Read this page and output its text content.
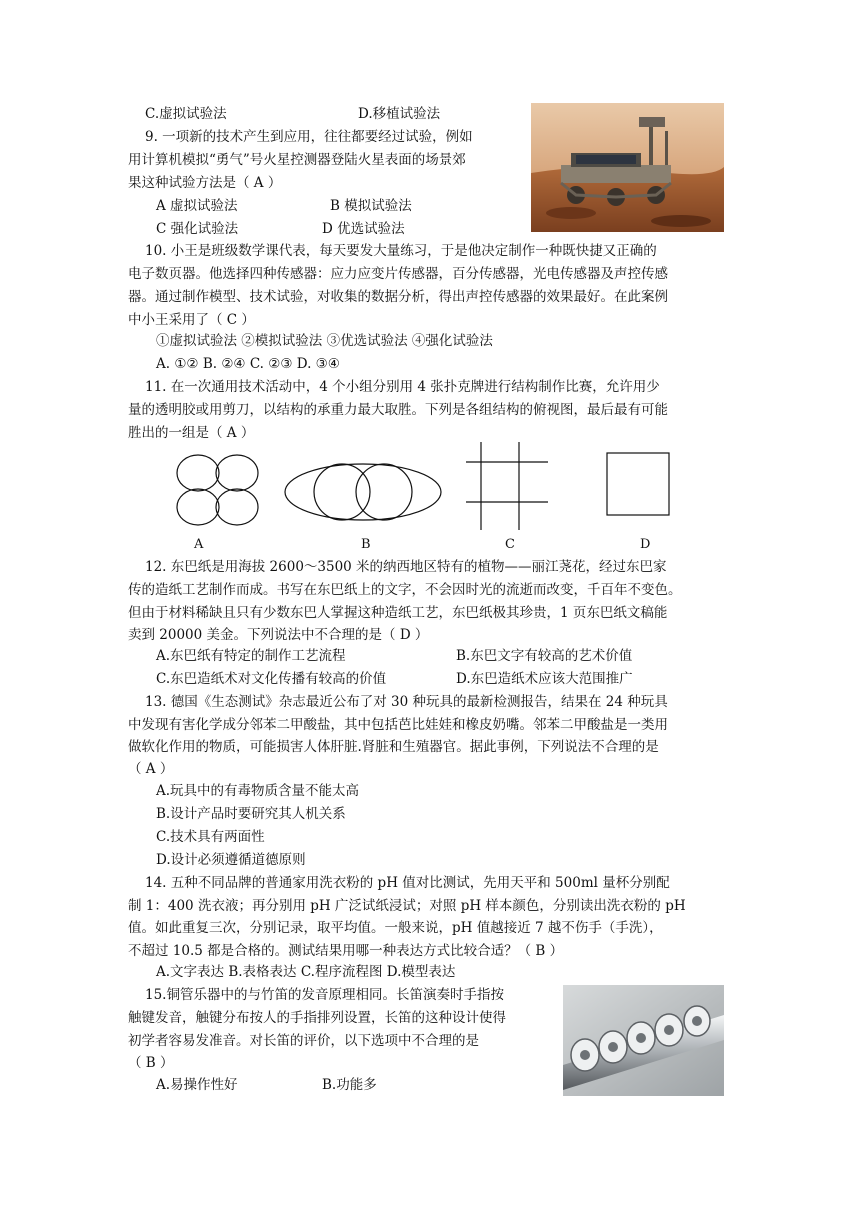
C.虚拟试验法	D.移植试验法
9. 一项新的技术产生到应用，往往都要经过试验，例如
用计算机模拟“勇气”号火星控测器登陆火星表面的场景郊
果这种试验方法是（ A ）
A 虚拟试验法	B 模拟试验法
C 强化试验法	D 优选试验法
10. 小王是班级数学课代表，每天要发大量练习，于是他决定制作一种既快捷又正确的
电子数页器。他选择四种传感器：应力应变片传感器，百分传感器，光电传感器及声控传感
器。通过制作模型、技术试验，对收集的数据分析，得出声控传感器的效果最好。在此案例
中小王采用了（ C ）
①虚拟试验法 ②模拟试验法 ③优选试验法 ④强化试验法
A. ①② B. ②④ C. ②③ D. ③④
11. 在一次通用技术活动中，4 个小组分别用 4 张扑克牌进行结构制作比赛，允许用少
量的透明胶或用剪刀，以结构的承重力最大取胜。下列是各组结构的俯视图，最后最有可能
胜出的一组是（ A ）
A	B	C	D
12. 东巴纸是用海拔 2600～3500 米的纳西地区特有的植物——丽江荛花，经过东巴家
传的造纸工艺制作而成。书写在东巴纸上的文字，不会因时光的流逝而改变，千百年不变色。
但由于材料稀缺且只有少数东巴人掌握这种造纸工艺，东巴纸极其珍贵，1 页东巴纸文稿能
卖到 20000 美金。下列说法中不合理的是（ D ）
A.东巴纸有特定的制作工艺流程	B.东巴文字有较高的艺术价值
C.东巴造纸术对文化传播有较高的价值	D.东巴造纸术应该大范围推广
13. 德国《生态测试》杂志最近公布了对 30 种玩具的最新检测报告，结果在 24 种玩具
中发现有害化学成分邻苯二甲酸盐，其中包括芭比娃娃和橡皮奶嘴。邻苯二甲酸盐是一类用
做软化作用的物质，可能损害人体肝脏.肾脏和生殖器官。据此事例，下列说法不合理的是
（ A ）
A.玩具中的有毒物质含量不能太高
B.设计产品时要研究其人机关系
C.技术具有两面性
D.设计必须遵循道德原则
14. 五种不同品牌的普通家用洗衣粉的 pH 值对比测试，先用天平和 500ml 量杯分别配
制 1：400 洗衣液；再分别用 pH 广泛试纸浸试；对照 pH 样本颜色，分别读出洗衣粉的 pH
值。如此重复三次，分别记录，取平均值。一般来说，pH 值越接近 7 越不伤手（手洗），
不超过 10.5 都是合格的。测试结果用哪一种表达方式比较合适？（ B ）
A.文字表达 B.表格表达 C.程序流程图 D.模型表达
15.铜管乐器中的与竹笛的发音原理相同。长笛演奏时手指按
触键发音，触键分布按人的手指排列设置，长笛的这种设计使得
初学者容易发准音。对长笛的评价，以下选项中不合理的是
（ B ）
A.易操作性好	B.功能多
